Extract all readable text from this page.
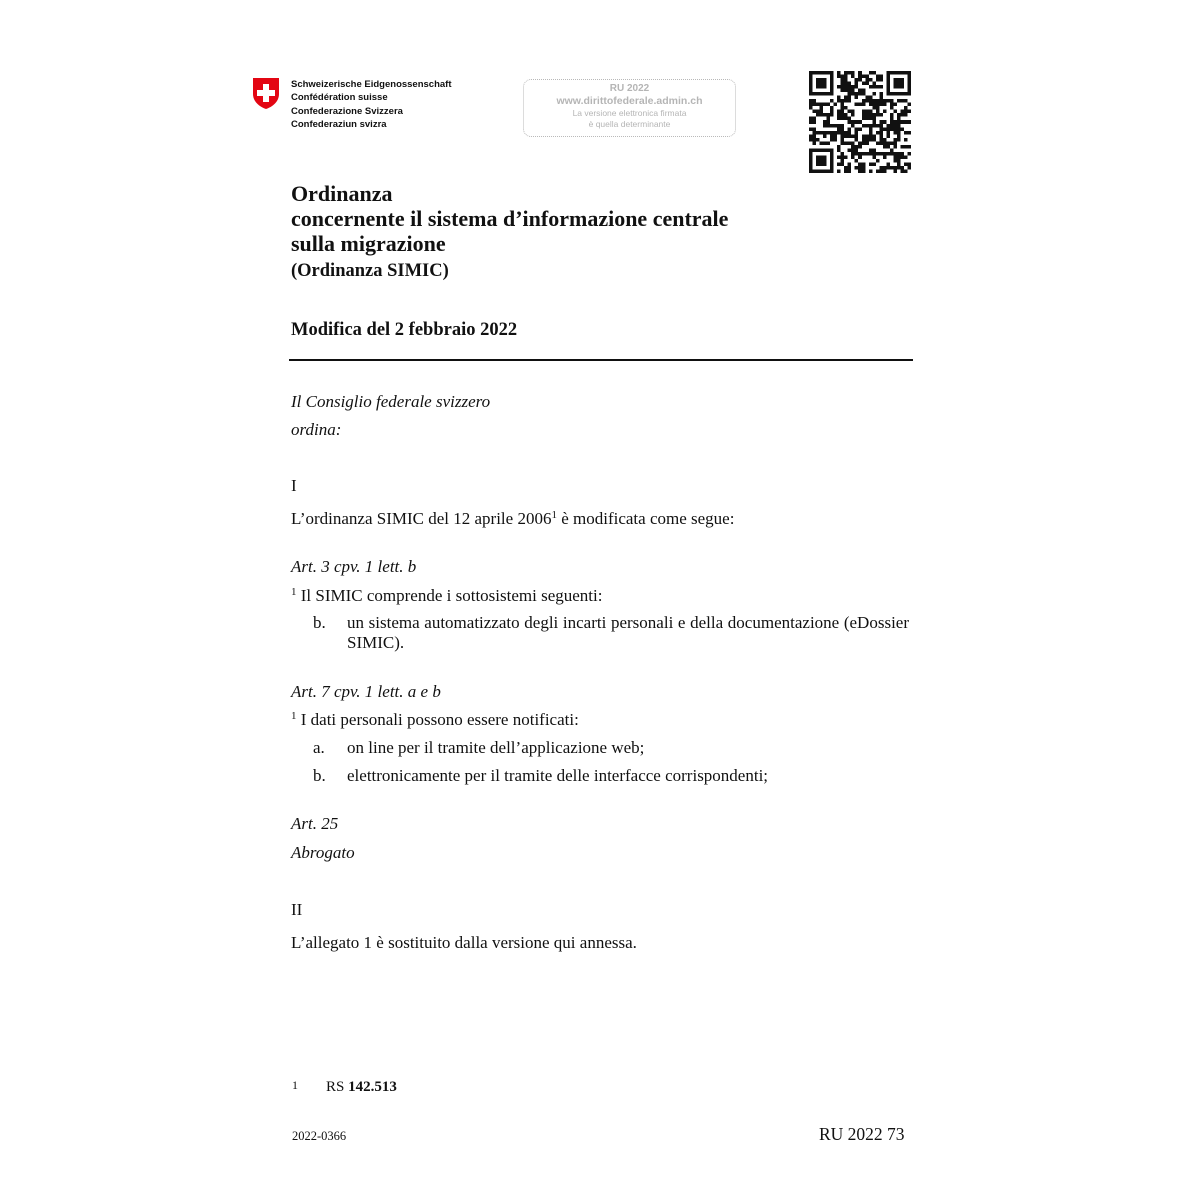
Schweizerische Eidgenossenschaft
Confédération suisse
Confederazione Svizzera
Confederaziun svizra
RU 2022
www.dirittofederale.admin.ch
La versione elettronica firmata
è quella determinante
Ordinanza
concernente il sistema d’informazione centrale
sulla migrazione
(Ordinanza SIMIC)
Modifica del 2 febbraio 2022
Il Consiglio federale svizzero
ordina:
I
L’ordinanza SIMIC del 12 aprile 2006$^1$ è modificata come segue:
Art. 3 cpv. 1 lett. b
$^1$ Il SIMIC comprende i sottosistemi seguenti:
b. un sistema automatizzato degli incarti personali e della documentazione (eDossier SIMIC).
Art. 7 cpv. 1 lett. a e b
$^1$ I dati personali possono essere notificati:
a. on line per il tramite dell’applicazione web;
b. elettronicamente per il tramite delle interfacce corrispondenti;
Art. 25
Abrogato
II
L’allegato 1 è sostituito dalla versione qui annessa.
1 RS 142.513
2022-0366	RU 2022 73
